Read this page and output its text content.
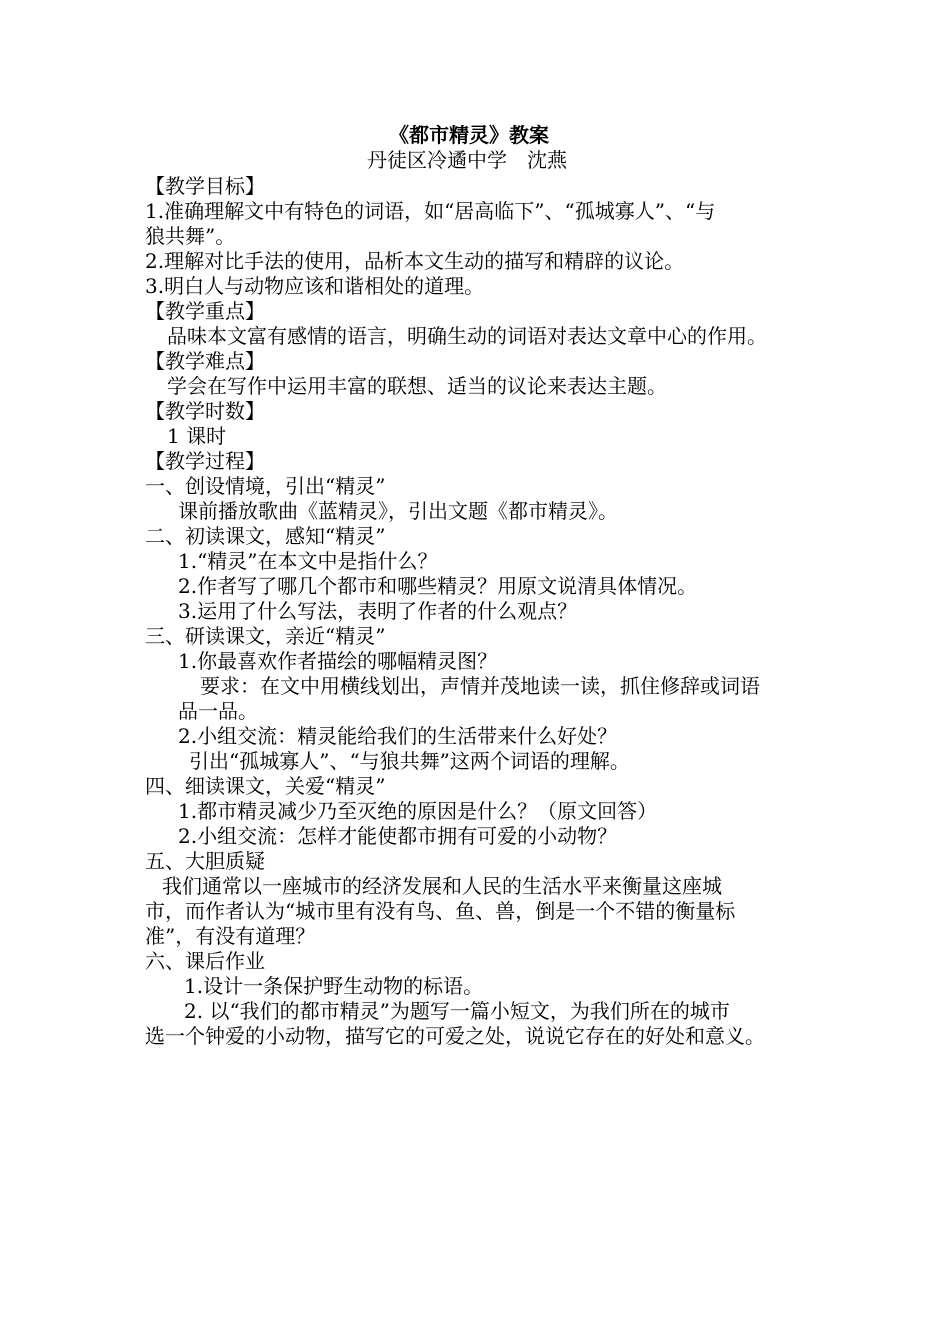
《都市精灵》教案
丹徒区冷遹中学　沈燕
【教学目标】
1.准确理解文中有特色的词语，如“居高临下”、“孤城寡人”、“与
狼共舞”。
2.理解对比手法的使用，品析本文生动的描写和精辟的议论。
3.明白人与动物应该和谐相处的道理。
【教学重点】
品味本文富有感情的语言，明确生动的词语对表达文章中心的作用。
【教学难点】
学会在写作中运用丰富的联想、适当的议论来表达主题。
【教学时数】
1 课时
【教学过程】
一、创设情境，引出“精灵”
课前播放歌曲《蓝精灵》，引出文题《都市精灵》。
二、初读课文，感知“精灵”
1.“精灵”在本文中是指什么？
2.作者写了哪几个都市和哪些精灵？用原文说清具体情况。
3.运用了什么写法，表明了作者的什么观点？
三、研读课文，亲近“精灵”
1.你最喜欢作者描绘的哪幅精灵图？
要求：在文中用横线划出，声情并茂地读一读，抓住修辞或词语
品一品。
2.小组交流：精灵能给我们的生活带来什么好处？
引出“孤城寡人”、“与狼共舞”这两个词语的理解。
四、细读课文，关爱“精灵”
1.都市精灵减少乃至灭绝的原因是什么？（原文回答）
2.小组交流：怎样才能使都市拥有可爱的小动物？
五、大胆质疑
我们通常以一座城市的经济发展和人民的生活水平来衡量这座城
市，而作者认为“城市里有没有鸟、鱼、兽，倒是一个不错的衡量标
准”，有没有道理？
六、课后作业
1.设计一条保护野生动物的标语。
2. 以“我们的都市精灵”为题写一篇小短文，为我们所在的城市
选一个钟爱的小动物，描写它的可爱之处，说说它存在的好处和意义。
